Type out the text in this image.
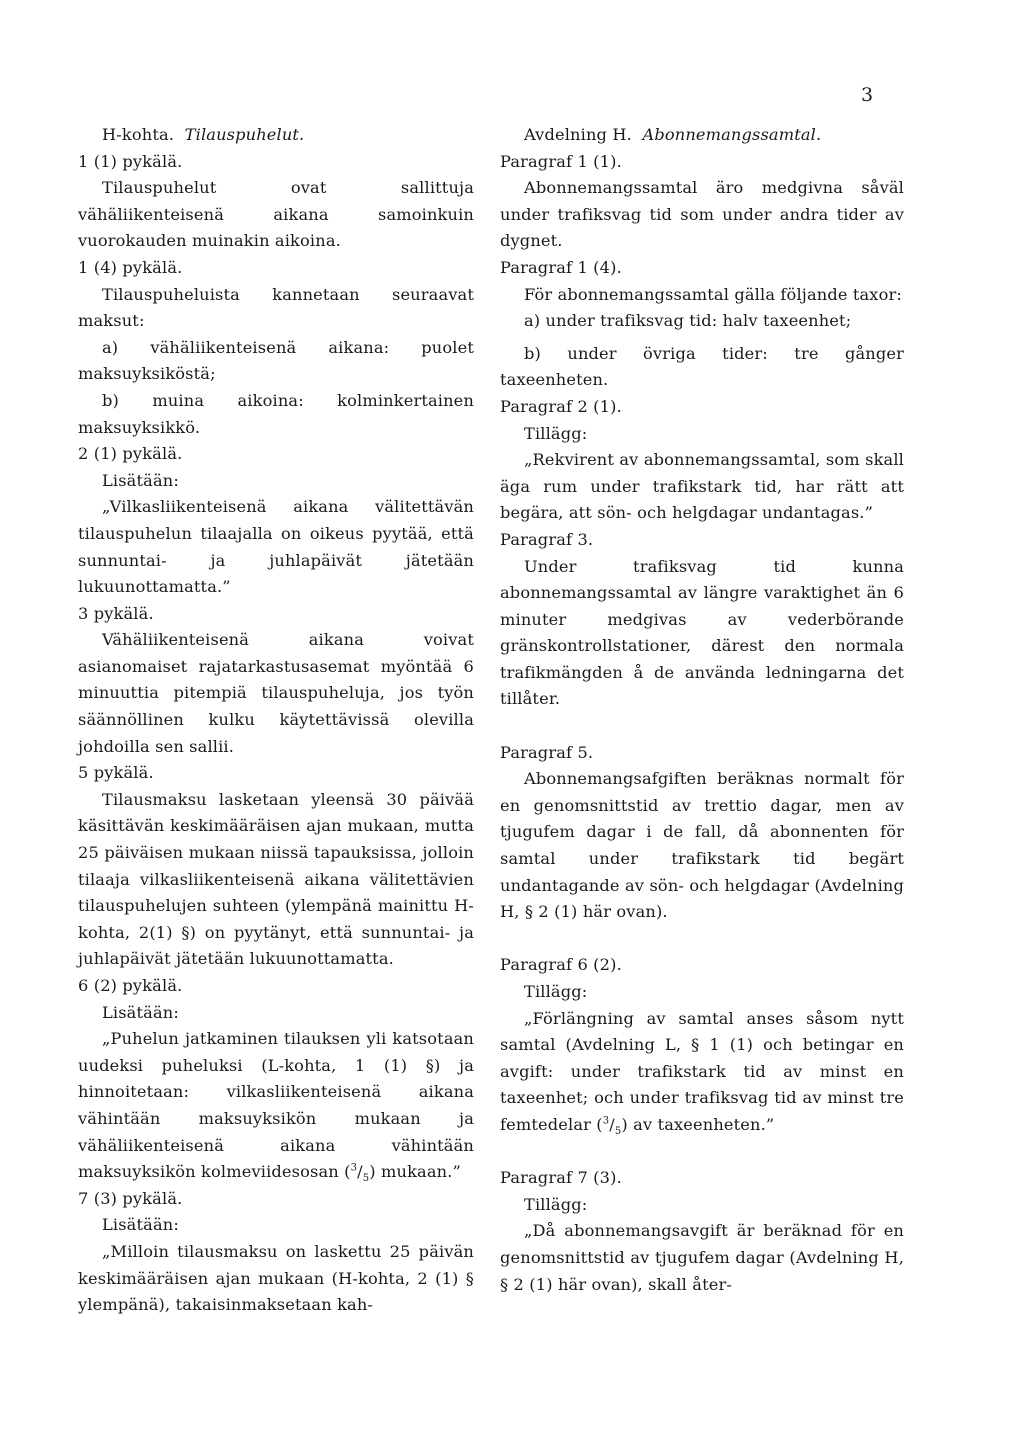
3

H-kohta. Tilauspuhelut.

1 (1) pykälä.

Tilauspuhelut ovat sallittuja vähäliikenteisenä aikana samoinkuin vuorokauden muinakin aikoina.

1 (4) pykälä.

Tilauspuheluista kannetaan seuraavat maksut:

a) vähäliikenteisenä aikana: puolet maksuyksiköstä;

b) muina aikoina: kolminkertainen maksuyksikkö.

2 (1) pykälä.

Lisätään:

„Vilkasliikenteisenä aikana välitettävän tilauspuhelun tilaajalla on oikeus pyytää, että sunnuntai- ja juhlapäivät jätetään lukuunottamatta.”

3 pykälä.

Vähäliikenteisenä aikana voivat asianomaiset rajatarkastusasemat myöntää 6 minuuttia pitempiä tilauspuheluja, jos työn säännöllinen kulku käytettävissä olevilla johdoilla sen sallii.

5 pykälä.

Tilausmaksu lasketaan yleensä 30 päivää käsittävän keskimääräisen ajan mukaan, mutta 25 päiväisen mukaan niissä tapauksissa, jolloin tilaaja vilkasliikenteisenä aikana välitettävien tilauspuhelujen suhteen (ylempänä mainittu H-kohta, 2(1) §) on pyytänyt, että sunnuntai- ja juhlapäivät jätetään lukuunottamatta.

6 (2) pykälä.

Lisätään:

„Puhelun jatkaminen tilauksen yli katsotaan uudeksi puheluksi (L-kohta, 1 (1) §) ja hinnoitetaan: vilkasliikenteisenä aikana vähintään maksuyksikön mukaan ja vähäliikenteisenä aikana vähintään maksuyksikön kolmeviidesosan $(^3/_5)$ mukaan.”

7 (3) pykälä.

Lisätään:

„Milloin tilausmaksu on laskettu 25 päivän keskimääräisen ajan mukaan (H-kohta, 2 (1) § ylempänä), takaisinmaksetaan kah-

Avdelning H. Abonnemangssamtal.

Paragraf 1 (1).

Abonnemangssamtal äro medgivna såväl under trafiksvag tid som under andra tider av dygnet.

Paragraf 1 (4).

För abonnemangssamtal gälla följande taxor:

a) under trafiksvag tid: halv taxeenhet;

b) under övriga tider: tre gånger taxeenheten.

Paragraf 2 (1).

Tillägg:

„Rekvirent av abonnemangssamtal, som skall äga rum under trafikstark tid, har rätt att begära, att sön- och helgdagar undantagas.”

Paragraf 3.

Under trafiksvag tid kunna abonnemangssamtal av längre varaktighet än 6 minuter medgivas av vederbörande gränskontrollstationer, därest den normala trafikmängden å de använda ledningarna det tillåter.

Paragraf 5.

Abonnemangsafgiften beräknas normalt för en genomsnittstid av trettio dagar, men av tjugufem dagar i de fall, då abonnenten för samtal under trafikstark tid begärt undantagande av sön- och helgdagar (Avdelning H, § 2 (1) här ovan).

Paragraf 6 (2).

Tillägg:

„Förlängning av samtal anses såsom nytt samtal (Avdelning L, § 1 (1) och betingar en avgift: under trafikstark tid av minst en taxeenhet; och under trafiksvag tid av minst tre femtedelar $(^3/_5)$ av taxeenheten.”

Paragraf 7 (3).

Tillägg:

„Då abonnemangsavgift är beräknad för en genomsnittstid av tjugufem dagar (Avdelning H, § 2 (1) här ovan), skall åter-
